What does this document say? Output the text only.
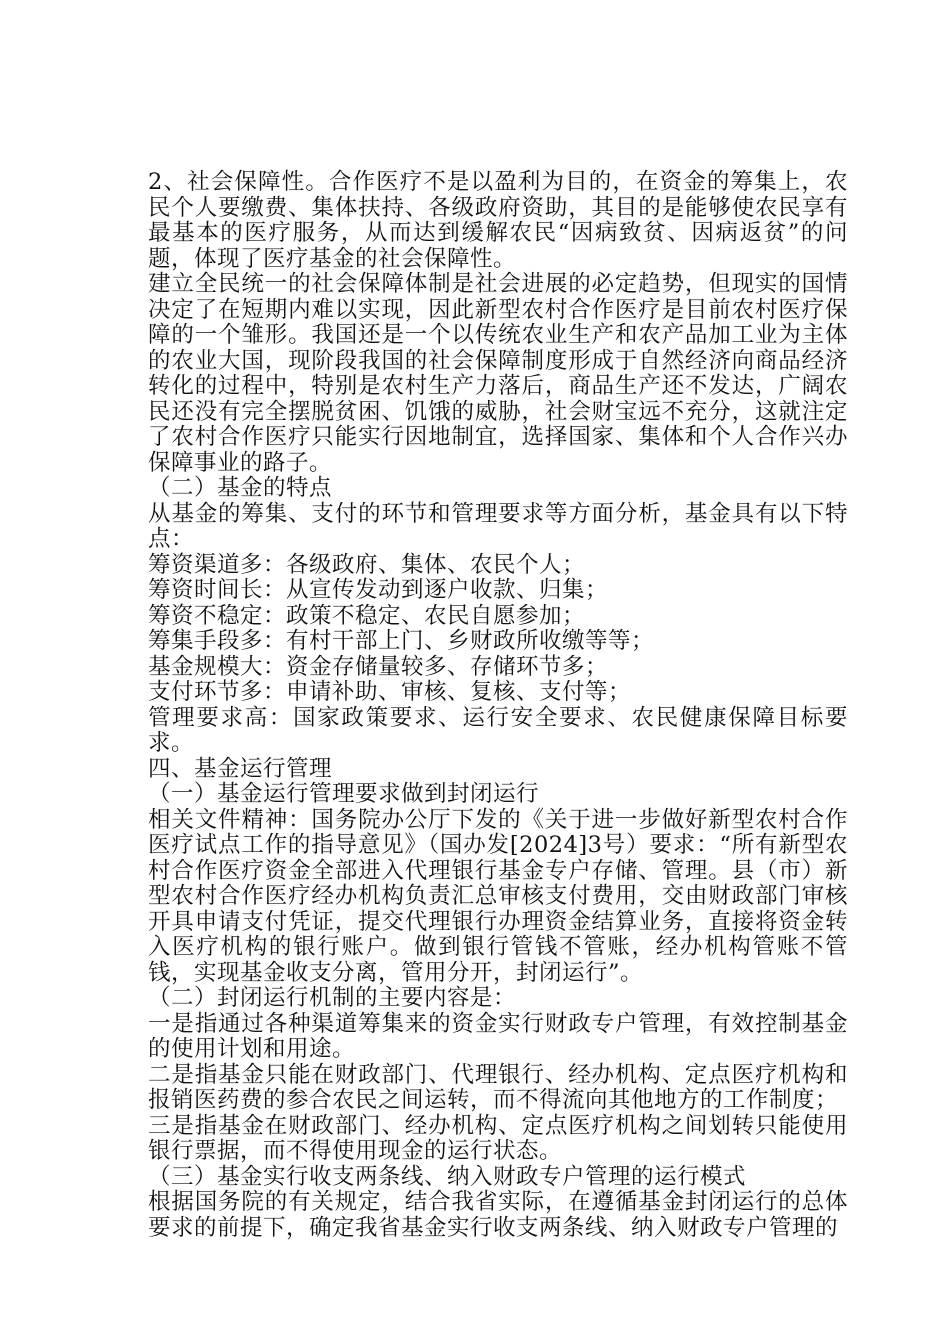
2、社会保障性。合作医疗不是以盈利为目的，在资金的筹集上，农民个人要缴费、集体扶持、各级政府资助，其目的是能够使农民享有最基本的医疗服务，从而达到缓解农民“因病致贫、因病返贫”的问题，体现了医疗基金的社会保障性。

建立全民统一的社会保障体制是社会进展的必定趋势，但现实的国情决定了在短期内难以实现，因此新型农村合作医疗是目前农村医疗保障的一个雏形。我国还是一个以传统农业生产和农产品加工业为主体的农业大国，现阶段我国的社会保障制度形成于自然经济向商品经济转化的过程中，特别是农村生产力落后，商品生产还不发达，广阔农民还没有完全摆脱贫困、饥饿的威胁，社会财宝远不充分，这就注定了农村合作医疗只能实行因地制宜，选择国家、集体和个人合作兴办保障事业的路子。

（二）基金的特点

从基金的筹集、支付的环节和管理要求等方面分析，基金具有以下特点：

筹资渠道多：各级政府、集体、农民个人；

筹资时间长：从宣传发动到逐户收款、归集；

筹资不稳定：政策不稳定、农民自愿参加；

筹集手段多：有村干部上门、乡财政所收缴等等；

基金规模大：资金存储量较多、存储环节多；

支付环节多：申请补助、审核、复核、支付等；

管理要求高：国家政策要求、运行安全要求、农民健康保障目标要求。

四、基金运行管理

（一）基金运行管理要求做到封闭运行

相关文件精神：国务院办公厅下发的《关于进一步做好新型农村合作医疗试点工作的指导意见》（国办发[2024]3号）要求：“所有新型农村合作医疗资金全部进入代理银行基金专户存储、管理。县（市）新型农村合作医疗经办机构负责汇总审核支付费用，交由财政部门审核开具申请支付凭证，提交代理银行办理资金结算业务，直接将资金转入医疗机构的银行账户。做到银行管钱不管账，经办机构管账不管钱，实现基金收支分离，管用分开，封闭运行”。

（二）封闭运行机制的主要内容是：

一是指通过各种渠道筹集来的资金实行财政专户管理，有效控制基金的使用计划和用途。

二是指基金只能在财政部门、代理银行、经办机构、定点医疗机构和报销医药费的参合农民之间运转，而不得流向其他地方的工作制度；

三是指基金在财政部门、经办机构、定点医疗机构之间划转只能使用银行票据，而不得使用现金的运行状态。

（三）基金实行收支两条线、纳入财政专户管理的运行模式

根据国务院的有关规定，结合我省实际，在遵循基金封闭运行的总体要求的前提下，确定我省基金实行收支两条线、纳入财政专户管理的
